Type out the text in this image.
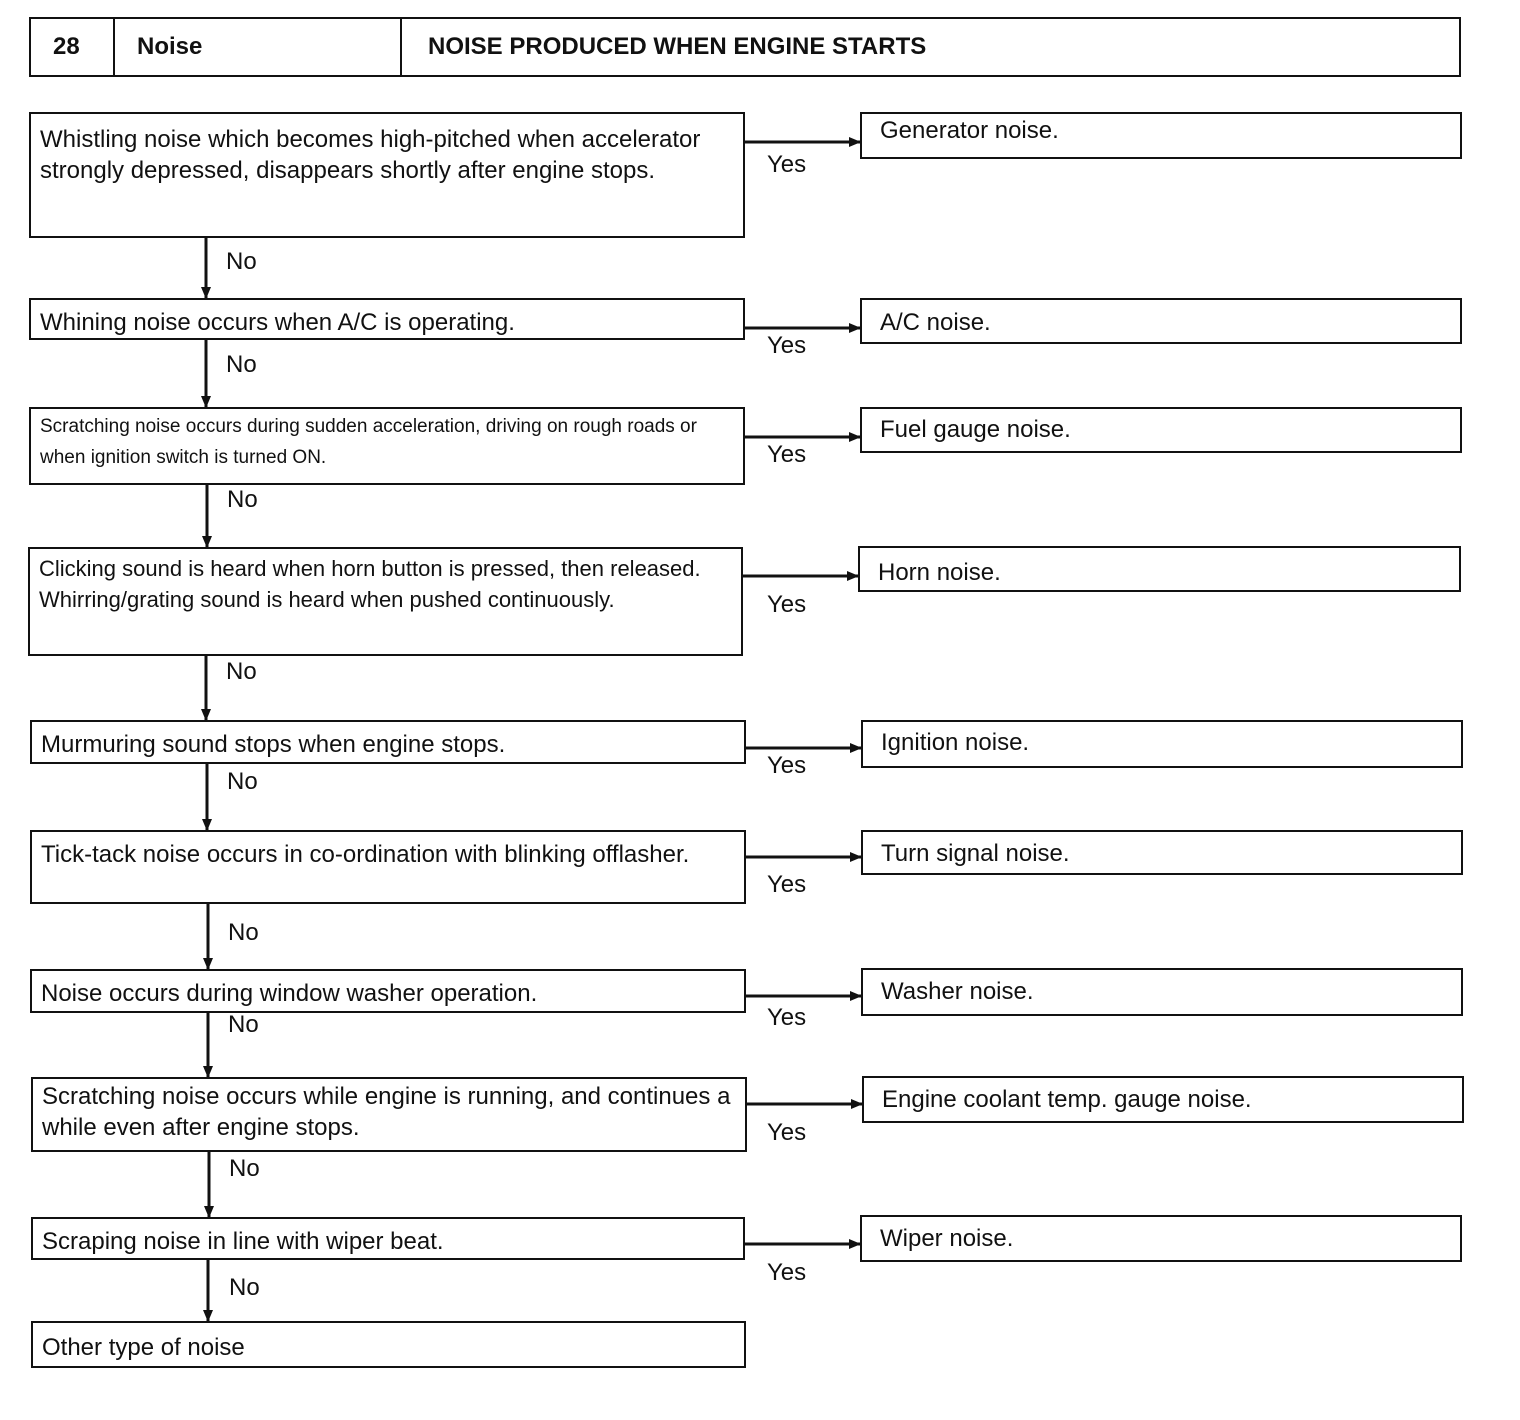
28	Noise	NOISE PRODUCED WHEN ENGINE STARTS
Whistling noise which becomes high-pitched when accelerator strongly depressed, disappears shortly after engine stops.
Whining noise occurs when A/C is operating.
Scratching noise occurs during sudden acceleration, driving on rough roads or when ignition switch is turned ON.
Clicking sound is heard when horn button is pressed, then released. Whirring/grating sound is heard when pushed continuously.
Murmuring sound stops when engine stops.
Tick-tack noise occurs in co-ordination with blinking offlasher.
Noise occurs during window washer operation.
Scratching noise occurs while engine is running, and continues a while even after engine stops.
Scraping noise in line with wiper beat.
Other type of noise
Generator noise.
A/C noise.
Fuel gauge noise.
Horn noise.
Ignition noise.
Turn signal noise.
Washer noise.
Engine coolant temp. gauge noise.
Wiper noise.
Yes
Yes
Yes
Yes
Yes
Yes
Yes
Yes
Yes
No
No
No
No
No
No
No
No
No
